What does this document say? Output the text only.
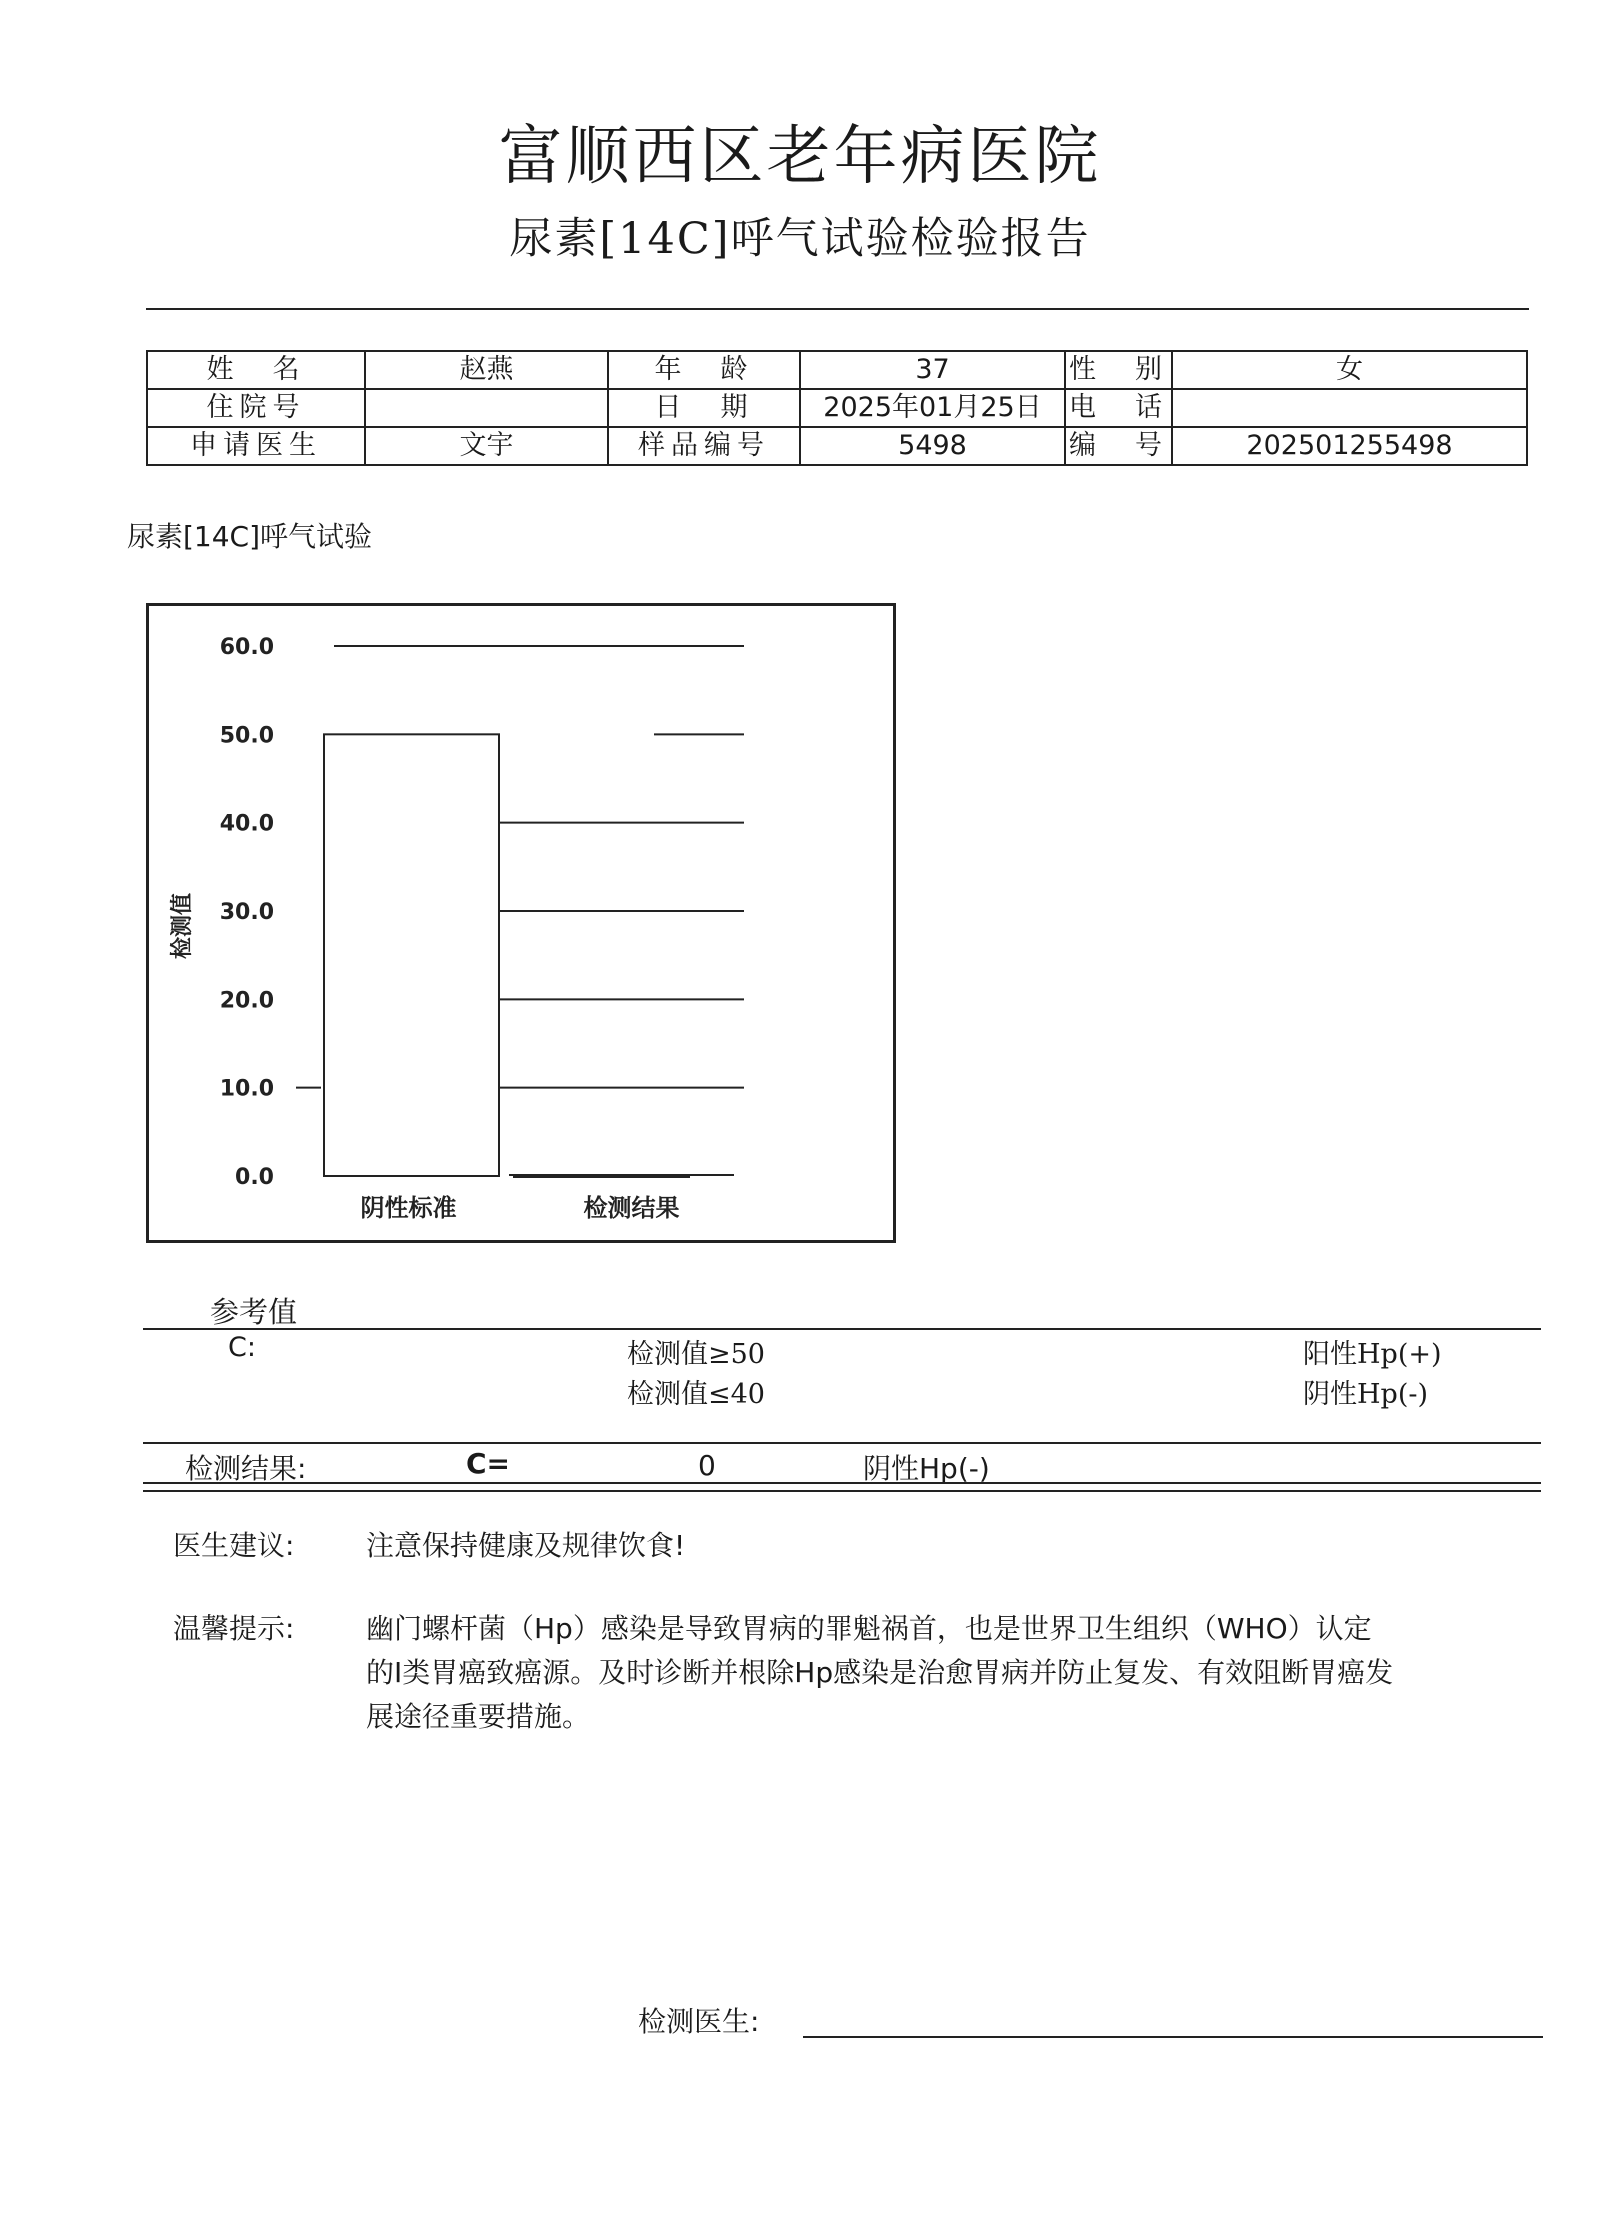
富顺西区老年病医院
尿素[14C]呼气试验检验报告
姓　名	赵燕	年　龄	37	性　别	女
住院号		日　期	2025年01月25日	电　话	
申请医生	文宇	样品编号	5498	编　号	202501255498
尿素[14C]呼气试验
0.0
10.0
20.0
30.0
40.0
50.0
60.0
阴性标准	检测结果
检测值
参考值
C:	检测值≥50	阳性Hp(+)
检测值≤40	阴性Hp(-)
检测结果:	C=	0	阴性Hp(-)
医生建议:	注意保持健康及规律饮食!
温馨提示:	幽门螺杆菌（Hp）感染是导致胃病的罪魁祸首，也是世界卫生组织（WHO）认定
的I类胃癌致癌源。及时诊断并根除Hp感染是治愈胃病并防止复发、有效阻断胃癌发
展途径重要措施。
检测医生:
